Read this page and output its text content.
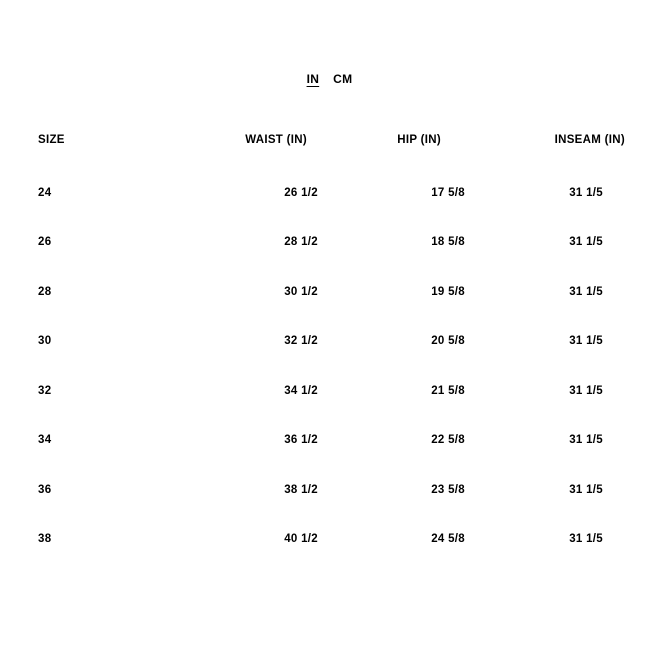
IN CM
SIZE	WAIST (IN)	HIP (IN)	INSEAM (IN)
24	26 1/2	17 5/8	31 1/5
26	28 1/2	18 5/8	31 1/5
28	30 1/2	19 5/8	31 1/5
30	32 1/2	20 5/8	31 1/5
32	34 1/2	21 5/8	31 1/5
34	36 1/2	22 5/8	31 1/5
36	38 1/2	23 5/8	31 1/5
38	40 1/2	24 5/8	31 1/5
